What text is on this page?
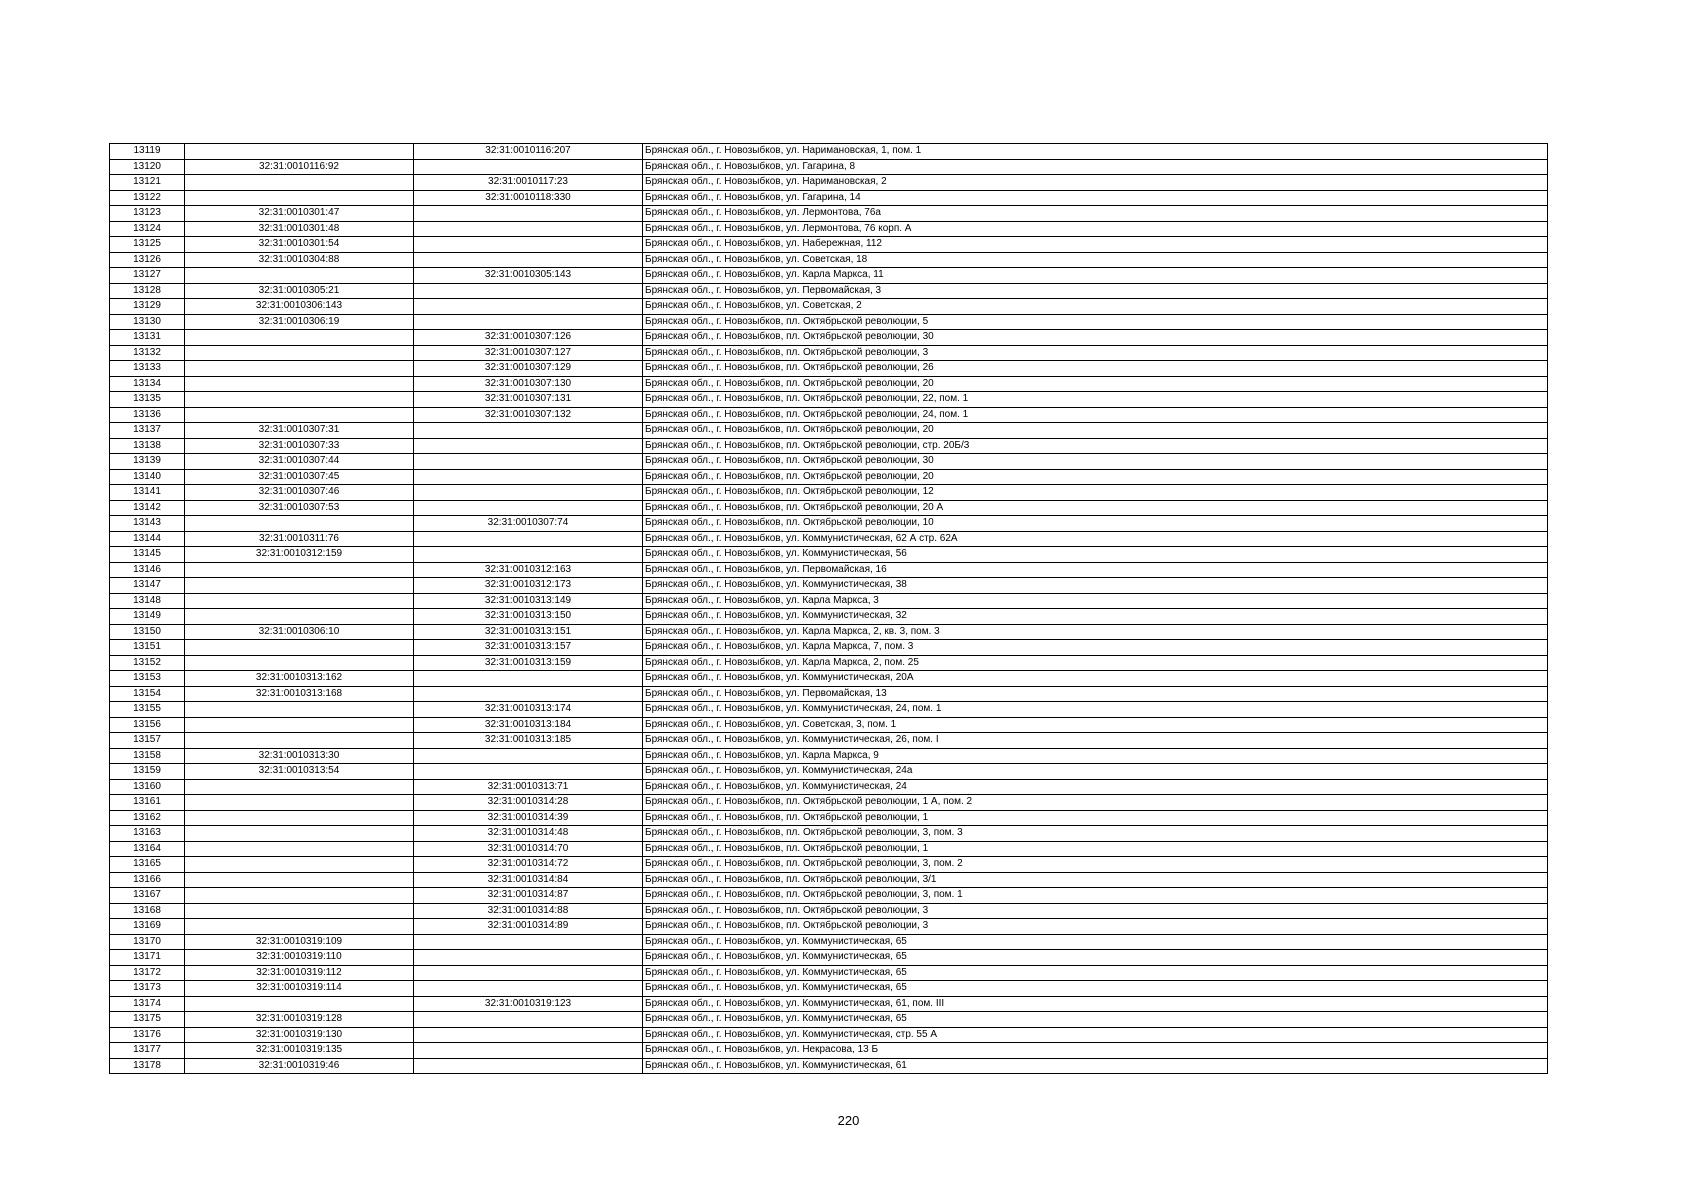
13119		32:31:0010116:207	Брянская обл., г. Новозыбков, ул. Наримановская, 1, пом. 1
13120	32:31:0010116:92		Брянская обл., г. Новозыбков, ул. Гагарина, 8
13121		32:31:0010117:23	Брянская обл., г. Новозыбков, ул. Наримановская, 2
13122		32:31:0010118:330	Брянская обл., г. Новозыбков, ул. Гагарина, 14
13123	32:31:0010301:47		Брянская обл., г. Новозыбков, ул. Лермонтова, 76а
13124	32:31:0010301:48		Брянская обл., г. Новозыбков, ул. Лермонтова, 76 корп. А
13125	32:31:0010301:54		Брянская обл., г. Новозыбков, ул. Набережная, 112
13126	32:31:0010304:88		Брянская обл., г. Новозыбков, ул. Советская, 18
13127		32:31:0010305:143	Брянская обл., г. Новозыбков, ул. Карла Маркса, 11
13128	32:31:0010305:21		Брянская обл., г. Новозыбков, ул. Первомайская, 3
13129	32:31:0010306:143		Брянская обл., г. Новозыбков, ул. Советская, 2
13130	32:31:0010306:19		Брянская обл., г. Новозыбков, пл. Октябрьской революции, 5
13131		32:31:0010307:126	Брянская обл., г. Новозыбков, пл. Октябрьской революции, 30
13132		32:31:0010307:127	Брянская обл., г. Новозыбков, пл. Октябрьской революции, 3
13133		32:31:0010307:129	Брянская обл., г. Новозыбков, пл. Октябрьской революции, 26
13134		32:31:0010307:130	Брянская обл., г. Новозыбков, пл. Октябрьской революции, 20
13135		32:31:0010307:131	Брянская обл., г. Новозыбков, пл. Октябрьской революции, 22, пом. 1
13136		32:31:0010307:132	Брянская обл., г. Новозыбков, пл. Октябрьской революции, 24, пом. 1
13137	32:31:0010307:31		Брянская обл., г. Новозыбков, пл. Октябрьской революции, 20
13138	32:31:0010307:33		Брянская обл., г. Новозыбков, пл. Октябрьской революции, стр. 20Б/3
13139	32:31:0010307:44		Брянская обл., г. Новозыбков, пл. Октябрьской революции, 30
13140	32:31:0010307:45		Брянская обл., г. Новозыбков, пл. Октябрьской революции, 20
13141	32:31:0010307:46		Брянская обл., г. Новозыбков, пл. Октябрьской революции, 12
13142	32:31:0010307:53		Брянская обл., г. Новозыбков, пл. Октябрьской революции, 20 А
13143		32:31:0010307:74	Брянская обл., г. Новозыбков, пл. Октябрьской революции, 10
13144	32:31:0010311:76		Брянская обл., г. Новозыбков, ул. Коммунистическая, 62 А стр. 62А
13145	32:31:0010312:159		Брянская обл., г. Новозыбков, ул. Коммунистическая, 56
13146		32:31:0010312:163	Брянская обл., г. Новозыбков, ул. Первомайская, 16
13147		32:31:0010312:173	Брянская обл., г. Новозыбков, ул. Коммунистическая, 38
13148		32:31:0010313:149	Брянская обл., г. Новозыбков, ул. Карла Маркса, 3
13149		32:31:0010313:150	Брянская обл., г. Новозыбков, ул. Коммунистическая, 32
13150	32:31:0010306:10	32:31:0010313:151	Брянская обл., г. Новозыбков, ул. Карла Маркса, 2, кв. 3, пом. 3
13151		32:31:0010313:157	Брянская обл., г. Новозыбков, ул. Карла Маркса, 7, пом. 3
13152		32:31:0010313:159	Брянская обл., г. Новозыбков, ул. Карла Маркса, 2, пом. 25
13153	32:31:0010313:162		Брянская обл., г. Новозыбков, ул. Коммунистическая, 20А
13154	32:31:0010313:168		Брянская обл., г. Новозыбков, ул. Первомайская, 13
13155		32:31:0010313:174	Брянская обл., г. Новозыбков, ул. Коммунистическая, 24, пом. 1
13156		32:31:0010313:184	Брянская обл., г. Новозыбков, ул. Советская, 3, пом. 1
13157		32:31:0010313:185	Брянская обл., г. Новозыбков, ул. Коммунистическая, 26, пом. I
13158	32:31:0010313:30		Брянская обл., г. Новозыбков, ул. Карла Маркса, 9
13159	32:31:0010313:54		Брянская обл., г. Новозыбков, ул. Коммунистическая, 24а
13160		32:31:0010313:71	Брянская обл., г. Новозыбков, ул. Коммунистическая, 24
13161		32:31:0010314:28	Брянская обл., г. Новозыбков, пл. Октябрьской революции, 1 А, пом. 2
13162		32:31:0010314:39	Брянская обл., г. Новозыбков, пл. Октябрьской революции, 1
13163		32:31:0010314:48	Брянская обл., г. Новозыбков, пл. Октябрьской революции, 3, пом. 3
13164		32:31:0010314:70	Брянская обл., г. Новозыбков, пл. Октябрьской революции, 1
13165		32:31:0010314:72	Брянская обл., г. Новозыбков, пл. Октябрьской революции, 3, пом. 2
13166		32:31:0010314:84	Брянская обл., г. Новозыбков, пл. Октябрьской революции, 3/1
13167		32:31:0010314:87	Брянская обл., г. Новозыбков, пл. Октябрьской революции, 3, пом. 1
13168		32:31:0010314:88	Брянская обл., г. Новозыбков, пл. Октябрьской революции, 3
13169		32:31:0010314:89	Брянская обл., г. Новозыбков, пл. Октябрьской революции, 3
13170	32:31:0010319:109		Брянская обл., г. Новозыбков, ул. Коммунистическая, 65
13171	32:31:0010319:110		Брянская обл., г. Новозыбков, ул. Коммунистическая, 65
13172	32:31:0010319:112		Брянская обл., г. Новозыбков, ул. Коммунистическая, 65
13173	32:31:0010319:114		Брянская обл., г. Новозыбков, ул. Коммунистическая, 65
13174		32:31:0010319:123	Брянская обл., г. Новозыбков, ул. Коммунистическая, 61, пом. III
13175	32:31:0010319:128		Брянская обл., г. Новозыбков, ул. Коммунистическая, 65
13176	32:31:0010319:130		Брянская обл., г. Новозыбков, ул. Коммунистическая, стр. 55 А
13177	32:31:0010319:135		Брянская обл., г. Новозыбков, ул. Некрасова, 13 Б
13178	32:31:0010319:46		Брянская обл., г. Новозыбков, ул. Коммунистическая, 61
220
